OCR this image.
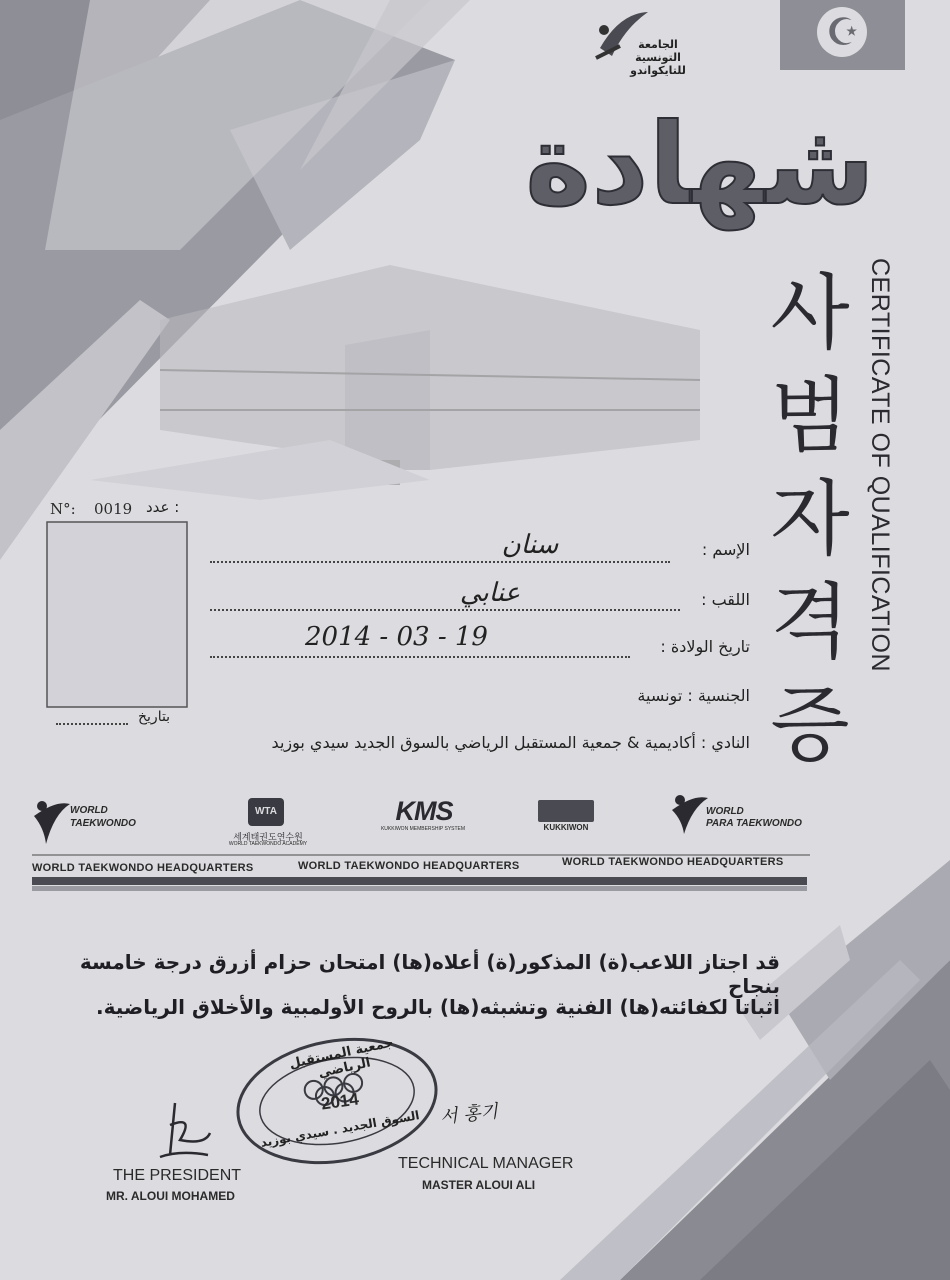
☪
الجامعة
التونسية
للتايكواندو
شهادة
사
범
자
격
증
CERTIFICATE OF QUALIFICATION
N°: 0019 : عدد
بتاريخ
الإسم :
سنان
اللقب :
عنابي
تاريخ الولادة :
2014 - 03 - 19
الجنسية : تونسية
النادي : أكاديمية & جمعية المستقبل الرياضي بالسوق الجديد سيدي بوزيد
WORLD
TAEKWONDO
WTA
세계태권도연수원
WORLD TAEKWONDO ACADEMY
KMS
KUKKIWON MEMBERSHIP SYSTEM	KUKKIWON
WORLD
PARA TAEKWONDO
WORLD TAEKWONDO HEADQUARTERS	WORLD TAEKWONDO HEADQUARTERS	WORLD TAEKWONDO HEADQUARTERS
قد اجتاز اللاعب(ة) المذكور(ة) أعلاه(ها) امتحان حزام أزرق درجة خامسة بنجاح
اثباتا لكفائته(ها) الفنية وتشبثه(ها) بالروح الأولمبية والأخلاق الرياضية.
جمعية المستقبل الرياضي
2014
السوق الجديد . سيدي بوزيد
THE PRESIDENT
MR. ALOUI MOHAMED
서 홍기
TECHNICAL MANAGER
MASTER ALOUI ALI
